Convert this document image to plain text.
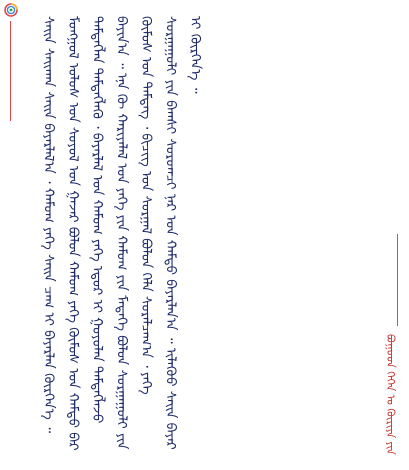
ᠰᠠᠢᠨ ᠰᠠᠢᠬᠠᠨ ᠰᠠᠢᠨ ᠪᠠᠶᠠᠷᠯᠠᠯ᠎ᠠ ᠂ ᠬᠠᠮᠤᠭ ᠶᠡᠬᠡ ᠰᠠᠢᠨ ᠴᠠᠭ ᠢ ᠪᠠᠶᠠᠷᠯᠠᠨ ᠬᠦᠷᠭᠡᠨ᠎ᠡ ᠃ ᠮᠣᠩᠭᠣᠯ ᠤᠯᠤᠰ ᠤᠨ ᠰᠣᠶᠣᠯ ᠤᠨ ᠭᠠᠵᠠᠷ ᠪᠣᠯᠤᠨ ᠬᠠᠮᠤᠭ ᠶᠡᠬᠡ ᠬᠦᠮᠦᠰ ᠤᠨ ᠬᠠᠮᠲᠤ ᠪᠡᠷ ᠲᠡᠮᠳᠡᠭᠯᠡᠨ ᠲᠡᠮᠳᠡᠭᠯᠡᠬᠦ ᠂ ᠪᠠᠶᠠᠷᠯᠠᠯ ᠤᠨ ᠬᠠᠮᠤᠭ ᠶᠡᠬᠡ ᠡᠳᠦᠷ ᠢ ᠭᠣᠶᠣᠯᠠᠨ ᠲᠡᠮᠳᠡᠭᠯᠡᠵᠦ ᠪᠠᠶᠢᠨ᠎ᠠ ᠃ ᠡᠨᠡ ᠬᠦ ᠬᠠᠷᠢᠶᠠᠯᠠᠯ ᠤᠨ ᠶᠡᠬᠡ ᠶᠢᠨ ᠬᠠᠮᠤᠭ ᠶᠢᠨ ᠮᠡᠳᠡᠭᠡ ᠪᠣᠯᠤᠨ ᠰᠤᠷᠭᠠᠭᠤᠯᠢ ᠶᠢᠨ ᠬᠦᠮᠦᠰ ᠤᠨ ᠲᠡᠮᠳᠡᠭ ᠂ ᠪᠢᠴᠢᠭ ᠤᠨ ᠰᠤᠷᠭᠠᠯ ᠪᠣᠯᠤᠨ ᠬᠡᠯᠡ ᠰᠤᠷᠠᠯᠴᠠᠭ᠎ᠠ ᠂ ᠶᠡᠬᠡ ᠰᠤᠷᠭᠠᠭᠤᠯᠢ ᠶᠢᠨ ᠪᠠᠭᠰᠢ ᠰᠤᠷᠤᠭᠴᠢ ᠨᠠᠷ ᠤᠨ ᠬᠠᠮᠲᠤ ᠪᠠᠶᠠᠷᠯᠠᠨ᠎ᠠ ᠃ ᠢᠯᠡᠭᠦᠦ ᠰᠠᠢᠨ ᠪᠠᠶᠠᠷ ᠢ ᠬᠦᠷᠭᠡᠨ᠎ᠡ ᠃
ᠪᠣᠭᠣᠳ ᠭᠡᠭᠡᠨ ᠤ ᠬᠦᠷᠢᠶᠡ ᠶᠢᠨ
